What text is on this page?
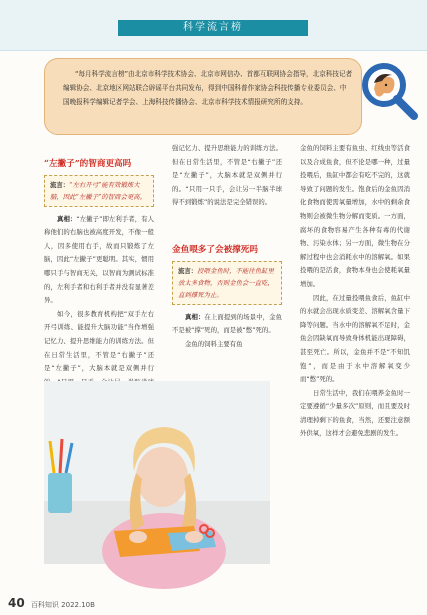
科学流言榜

“每月科学流言榜”由北京市科学技术协会、北京市网信办、首都互联网协会指导，北京科技记者编辑协会、北京地区网站联合辟谣平台共同发布，得到中国科普作家协会科技传播专业委员会、中国晚报科学编辑记者学会、上海科技传播协会、北京市科学技术情报研究所的支持。

“左撇子”的智商更高吗

流言：“左右开弓”能有效锻炼大脑，因此“左撇子”的智商会更高。

真相：“左撇子”即左利手者，有人称他们的右脑也被高度开发，不像一般人，因多使用右手，故而只锻炼了左脑，因此“左撇子”更聪明。其实，惯用哪只手与智商无关，以智商为测试标准的，左利手者和右利手者并没有显著差异。

如今，很多教育机构把“双手左右开弓训练、能提升大脑功能”当作增强记忆力、提升思维能力的训练方法。但在日常生活里，不管是“右撇子”还是“左撇子”，大脑本就是双侧并行

强记忆力、提升思维能力的训练方法。但在日常生活里，不管是“右撇子”还是“左撇子”，大脑本就是双侧并行的。“只用一只手，会让另一半脑半球得不到锻炼”的说法是完全错误的。

金鱼喂多了会被撑死吗

流言：投喂金鱼时，不能往鱼缸里放太多食物，否则金鱼会一直吃，直到撑死为止。

真相：在上面提到的场景中，金鱼不是被“撑”死的，而是被“憋”死的。

金鱼的饲料主要有鱼

金鱼的饲料主要有鱼虫、红线虫等活食以及合成鱼食，但不论是哪一种，过量投喂后，鱼缸中都会有吃不完的，这就导致了问题的发生。饱食后的金鱼因消化食物而使需氧量增加，水中的剩余食物则会被微生物分解而变质。一方面，腐坏的食物容易产生各种有毒的代谢物、污染水体；另一方面，微生物在分解过程中也会消耗水中的溶解氧。如果投喂的是活食，食物本身也会使耗氧量增加。

因此，在过量投喂鱼食后，鱼缸中的水就会出现水质变差、溶解氧含量下降等问题。当水中的溶解氧不足时，金鱼会因缺氧而导致身体机能出现障碍，甚至死亡。所以，金鱼并不是“不知饥饱”，而是由于水中溶解氧变少而“憋”死的。

日常生活中，我们在喂养金鱼时一定要遵循“少量多次”原则，而且要及时清理掉剩下的鱼食，当然，还要注意额外供氧，这样才会避免悲剧的发生。

40 百科知识 2022.10B
